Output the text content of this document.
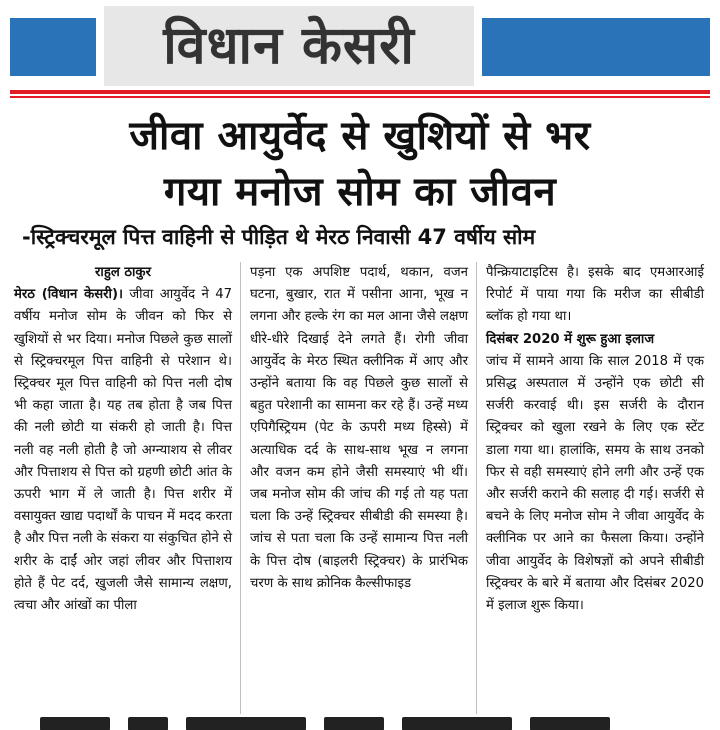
विधान केसरी
जीवा आयुर्वेद से खुशियों से भर
गया मनोज सोम का जीवन
-स्ट्रिक्चरमूल पित्त वाहिनी से पीड़ित थे मेरठ निवासी 47 वर्षीय सोम

राहुल ठाकुर

मेरठ (विधान केसरी)। जीवा आयुर्वेद ने 47 वर्षीय मनोज सोम के जीवन को फिर से खुशियों से भर दिया। मनोज पिछले कुछ सालों से स्ट्रिक्चरमूल पित्त वाहिनी से परेशान थे। स्ट्रिक्चर मूल पित्त वाहिनी को पित्त नली दोष भी कहा जाता है। यह तब होता है जब पित्त की नली छोटी या संकरी हो जाती है। पित्त नली वह नली होती है जो अग्न्याशय से लीवर और पित्ताशय से पित्त को ग्रहणी छोटी आंत के ऊपरी भाग में ले जाती है। पित्त शरीर में वसायुक्त खाद्य पदार्थों के पाचन में मदद करता है और पित्त नली के संकरा या संकुचित होने से शरीर के दाईं ओर जहां लीवर और पित्ताशय होते हैं पेट दर्द, खुजली जैसे सामान्य लक्षण, त्वचा और आंखों का पीला

पड़ना एक अपशिष्ट पदार्थ, थकान, वजन घटना, बुखार, रात में पसीना आना, भूख न लगना और हल्के रंग का मल आना जैसे लक्षण धीरे-धीरे दिखाई देने लगते हैं। रोगी जीवा आयुर्वेद के मेरठ स्थित क्लीनिक में आए और उन्होंने बताया कि वह पिछले कुछ सालों से बहुत परेशानी का सामना कर रहे हैं। उन्हें मध्य एपिगैस्ट्रियम (पेट के ऊपरी मध्य हिस्से) में अत्याधिक दर्द के साथ-साथ भूख न लगना और वजन कम होने जैसी समस्याएं भी थीं। जब मनोज सोम की जांच की गई तो यह पता चला कि उन्हें स्ट्रिक्चर सीबीडी की समस्या है। जांच से पता चला कि उन्हें सामान्य पित्त नली के पित्त दोष (बाइलरी स्ट्रिक्चर) के प्रारंभिक चरण के साथ क्रोनिक कैल्सीफाइड

पैन्क्रियाटाइटिस है। इसके बाद एमआरआई रिपोर्ट में पाया गया कि मरीज का सीबीडी ब्लॉक हो गया था।

दिसंबर 2020 में शुरू हुआ इलाज

जांच में सामने आया कि साल 2018 में एक प्रसिद्ध अस्पताल में उन्होंने एक छोटी सी सर्जरी करवाई थी। इस सर्जरी के दौरान स्ट्रिक्चर को खुला रखने के लिए एक स्टेंट डाला गया था। हालांकि, समय के साथ उनको फिर से वही समस्याएं होने लगी और उन्हें एक और सर्जरी कराने की सलाह दी गई। सर्जरी से बचने के लिए मनोज सोम ने जीवा आयुर्वेद के क्लीनिक पर आने का फैसला किया। उन्होंने जीवा आयुर्वेद के विशेषज्ञों को अपने सीबीडी स्ट्रिक्चर के बारे में बताया और दिसंबर 2020 में इलाज शुरू किया।
